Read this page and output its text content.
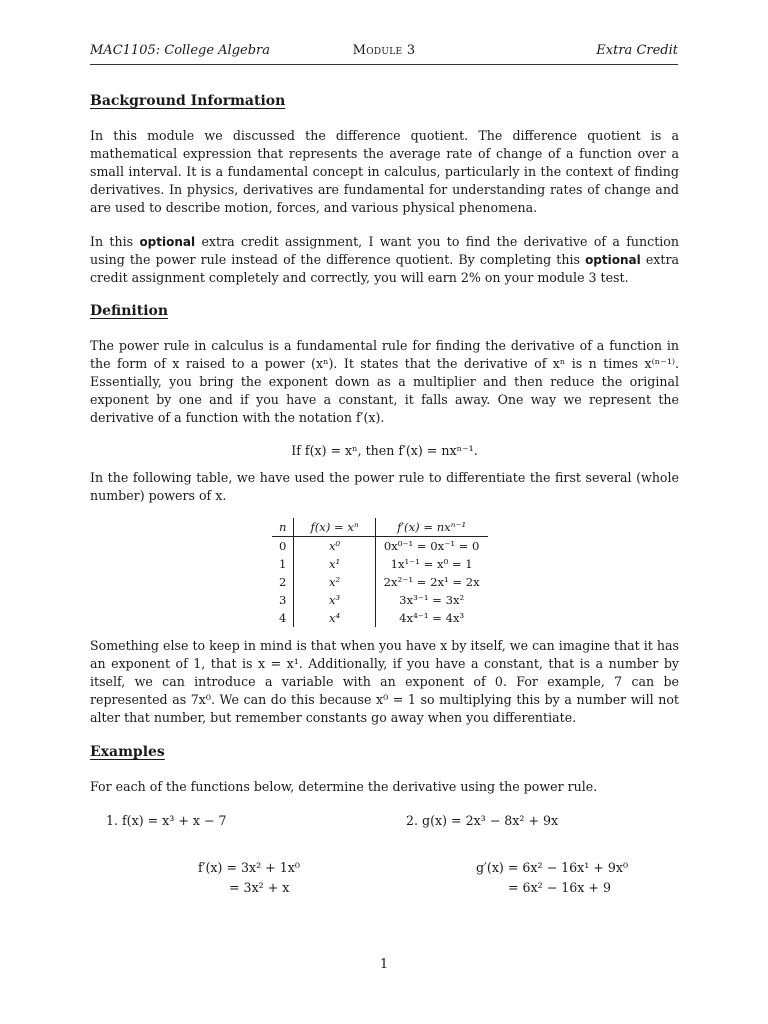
MAC1105: College Algebra	Module 3	Extra Credit
Background Information

In this module we discussed the difference quotient. The difference quotient is a mathematical expression that represents the average rate of change of a function over a small interval. It is a fundamental concept in calculus, particularly in the context of finding derivatives. In physics, derivatives are fundamental for understanding rates of change and are used to describe motion, forces, and various physical phenomena.

In this optional extra credit assignment, I want you to find the derivative of a function using the power rule instead of the difference quotient. By completing this optional extra credit assignment completely and correctly, you will earn 2% on your module 3 test.

Definition

The power rule in calculus is a fundamental rule for finding the derivative of a function in the form of x raised to a power (xⁿ). It states that the derivative of xⁿ is n times x⁽ⁿ⁻¹⁾. Essentially, you bring the exponent down as a multiplier and then reduce the original exponent by one and if you have a constant, it falls away. One way we represent the derivative of a function with the notation f′(x).

If f(x) = xⁿ, then f′(x) = nxⁿ⁻¹.

In the following table, we have used the power rule to differentiate the first several (whole number) powers of x.

n	f(x) = xⁿ	f′(x) = nxⁿ⁻¹
0	x⁰	0x⁰⁻¹ = 0x⁻¹ = 0
1	x¹	1x¹⁻¹ = x⁰ = 1
2	x²	2x²⁻¹ = 2x¹ = 2x
3	x³	3x³⁻¹ = 3x²
4	x⁴	4x⁴⁻¹ = 4x³

Something else to keep in mind is that when you have x by itself, we can imagine that it has an exponent of 1, that is x = x¹. Additionally, if you have a constant, that is a number by itself, we can introduce a variable with an exponent of 0. For example, 7 can be represented as 7x⁰. We can do this because x⁰ = 1 so multiplying this by a number will not alter that number, but remember constants go away when you differentiate.

Examples

For each of the functions below, determine the derivative using the power rule.

1. f(x) = x³ + x − 7	2. g(x) = 2x³ − 8x² + 9x
f′(x) = 3x² + 1x⁰
= 3x² + x
g′(x) = 6x² − 16x¹ + 9x⁰
= 6x² − 16x + 9
1
